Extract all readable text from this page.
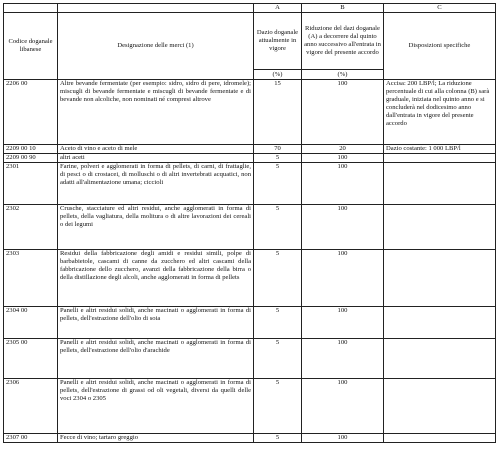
		A	B	C
Codice doganale libanese	Designazione delle merci (1)	Dazio doganale attualmente in vigore	Riduzione del dazi doganale (A) a decorrere dal quinto anno successivo all'entrata in vigore del presente accordo	Disposizioni specifiche
		(%)	(%)	
2206 00	Altre bevande fermentate (per esempio: sidro, sidro di pere, idromele); miscugli di bevande fermentate e miscugli di bevande fermentate e di bevande non alcoliche, non nominati né compresi altrove	15	100	Accisa: 200 LBP/l; La riduzione percentuale di cui alla colonna (B) sarà graduale, iniziata nel quinto anno e si concluderà nel dodicesimo anno dall'entrata in vigore del presente accordo
2209 00 10	Aceto di vino e aceto di mele	70	20	Dazio costante: 1 000 LBP/l
2209 00 90	altri aceti	5	100	
2301	Farine, polveri e agglomerati in forma di pellets, di carni, di frattaglie, di pesci o di crostacei, di molluschi o di altri invertebrati acquatici, non adatti all'alimentazione umana; ciccioli	5	100	
2302	Crusche, stacciature ed altri residui, anche agglomerati in forma di pellets, della vagliatura, della molitura o di altre lavorazioni dei cereali o dei legumi	5	100	
2303	Residui della fabbricazione degli amidi e residui simili, polpe di barbabietole, cascami di canne da zucchero ed altri cascami della fabbricazione dello zucchero, avanzi della fabbricazione della birra o della distillazione degli alcoli, anche agglomerati in forma di pellets	5	100	
2304 00	Panelli e altri residui solidi, anche macinati o agglomerati in forma di pellets, dell'estrazione dell'olio di soia	5	100	
2305 00	Panelli e altri residui solidi, anche macinati o agglomerati in forma di pellets, dell'estrazione dell'olio d'arachide	5	100	
2306	Panelli e altri residui solidi, anche macinati o agglomerati in forma di pellets, dell'estrazione di grassi od oli vegetali, diversi da quelli delle voci 2304 o 2305	5	100	
2307 00	Fecce di vino; tartaro greggio	5	100	
